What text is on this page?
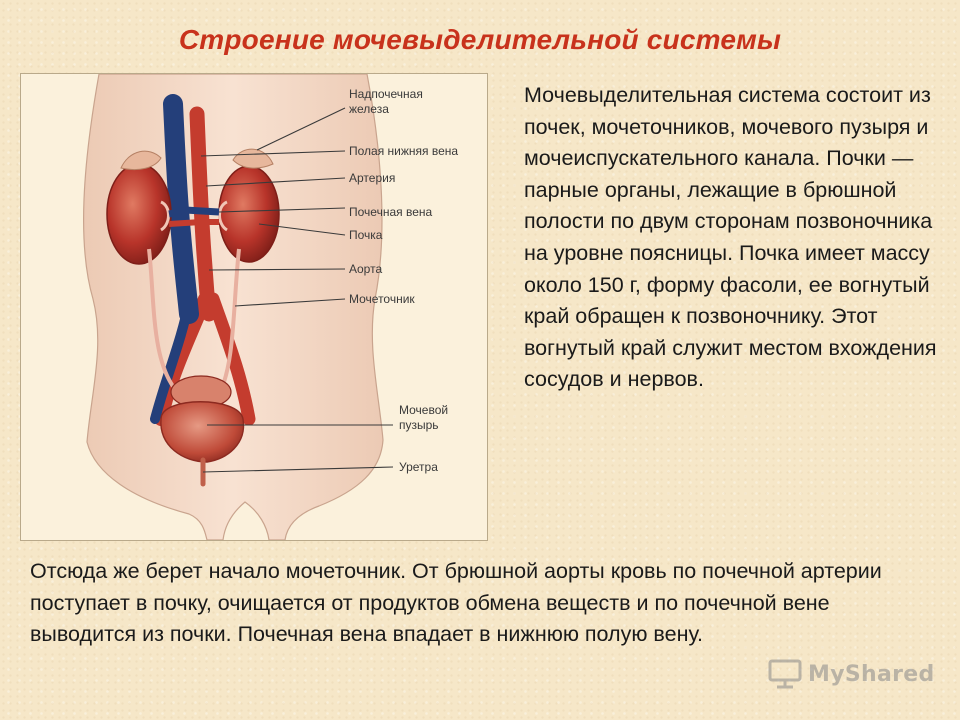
Строение мочевыделительной системы
Надпочечная железа
Полая нижняя вена
Артерия
Почечная вена
Почка
Аорта
Мочеточник
Мочевой пузырь
Уретра

Мочевыделительная система состоит из почек, мочеточников, мочевого пузыря и мочеиспускательного канала. Почки — парные органы, лежащие в брюшной полости по двум сторонам позвоночника на уровне поясницы. Почка имеет массу около 150 г, форму фасоли, ее вогнутый край обращен к позвоночнику. Этот вогнутый край служит местом вхождения сосудов и нервов.

Отсюда же берет начало мочеточник. От брюшной аорты кровь по почечной артерии поступает в почку, очищается от продуктов обмена веществ и по почечной вене выводится из почки. Почечная вена впадает в нижнюю полую вену.

MyShared
